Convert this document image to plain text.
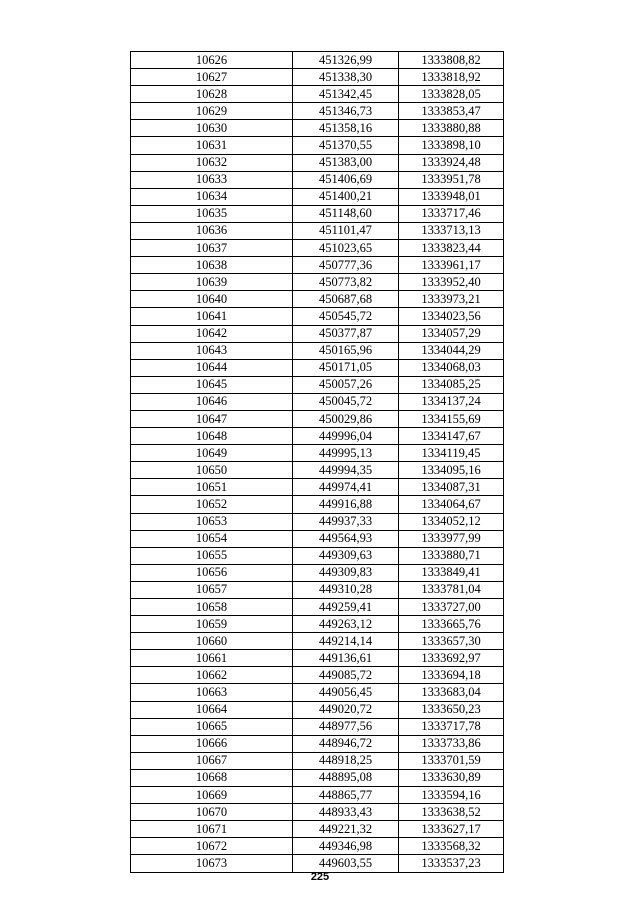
10626	451326,99	1333808,82
10627	451338,30	1333818,92
10628	451342,45	1333828,05
10629	451346,73	1333853,47
10630	451358,16	1333880,88
10631	451370,55	1333898,10
10632	451383,00	1333924,48
10633	451406,69	1333951,78
10634	451400,21	1333948,01
10635	451148,60	1333717,46
10636	451101,47	1333713,13
10637	451023,65	1333823,44
10638	450777,36	1333961,17
10639	450773,82	1333952,40
10640	450687,68	1333973,21
10641	450545,72	1334023,56
10642	450377,87	1334057,29
10643	450165,96	1334044,29
10644	450171,05	1334068,03
10645	450057,26	1334085,25
10646	450045,72	1334137,24
10647	450029,86	1334155,69
10648	449996,04	1334147,67
10649	449995,13	1334119,45
10650	449994,35	1334095,16
10651	449974,41	1334087,31
10652	449916,88	1334064,67
10653	449937,33	1334052,12
10654	449564,93	1333977,99
10655	449309,63	1333880,71
10656	449309,83	1333849,41
10657	449310,28	1333781,04
10658	449259,41	1333727,00
10659	449263,12	1333665,76
10660	449214,14	1333657,30
10661	449136,61	1333692,97
10662	449085,72	1333694,18
10663	449056,45	1333683,04
10664	449020,72	1333650,23
10665	448977,56	1333717,78
10666	448946,72	1333733,86
10667	448918,25	1333701,59
10668	448895,08	1333630,89
10669	448865,77	1333594,16
10670	448933,43	1333638,52
10671	449221,32	1333627,17
10672	449346,98	1333568,32
10673	449603,55	1333537,23
225
